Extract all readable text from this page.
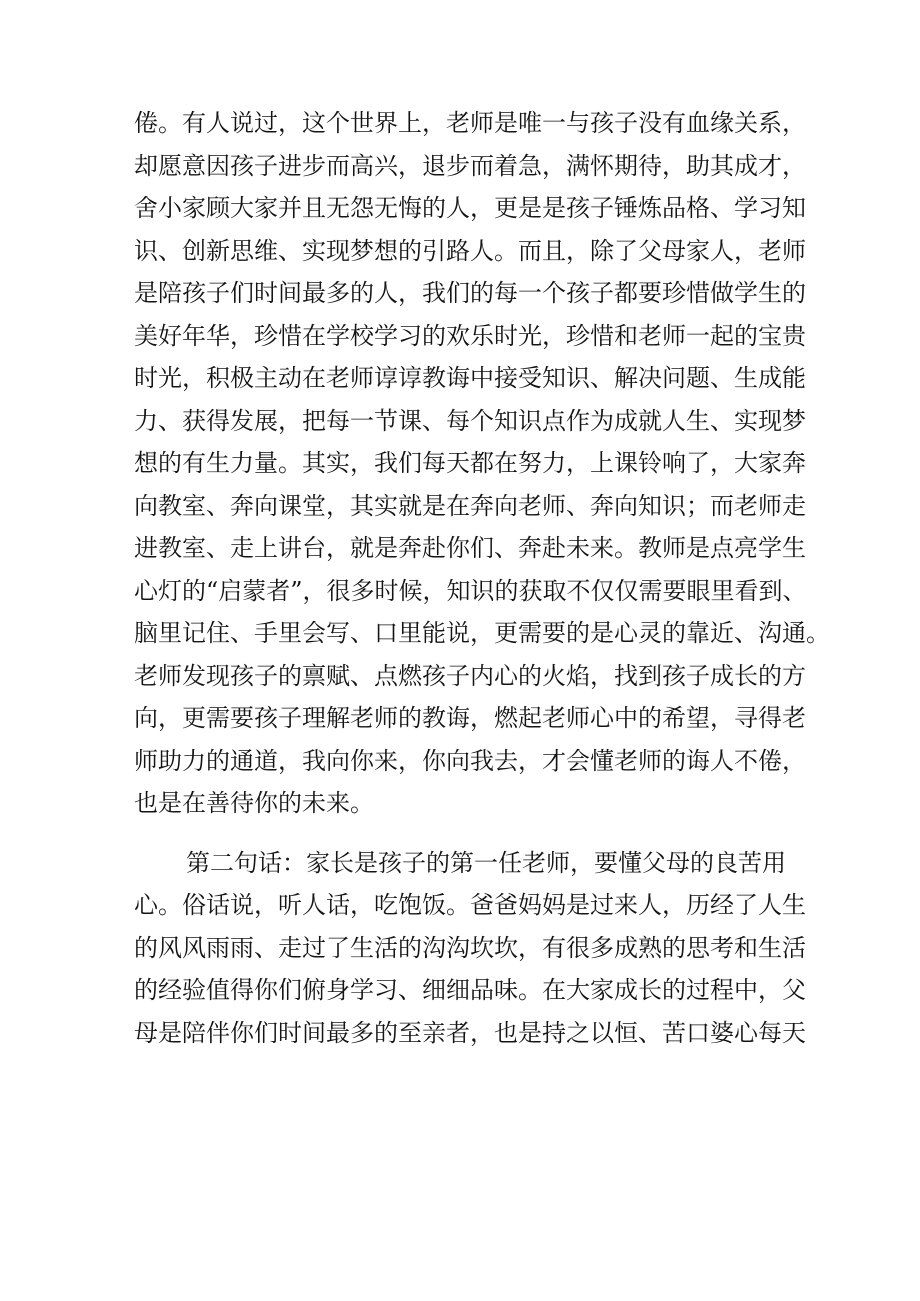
倦。有人说过，这个世界上，老师是唯一与孩子没有血缘关系，
却愿意因孩子进步而高兴，退步而着急，满怀期待，助其成才，
舍小家顾大家并且无怨无悔的人，更是是孩子锤炼品格、学习知
识、创新思维、实现梦想的引路人。而且，除了父母家人，老师
是陪孩子们时间最多的人，我们的每一个孩子都要珍惜做学生的
美好年华，珍惜在学校学习的欢乐时光，珍惜和老师一起的宝贵
时光，积极主动在老师谆谆教诲中接受知识、解决问题、生成能
力、获得发展，把每一节课、每个知识点作为成就人生、实现梦
想的有生力量。其实，我们每天都在努力，上课铃响了，大家奔
向教室、奔向课堂，其实就是在奔向老师、奔向知识；而老师走
进教室、走上讲台，就是奔赴你们、奔赴未来。教师是点亮学生
心灯的“启蒙者”，很多时候，知识的获取不仅仅需要眼里看到、
脑里记住、手里会写、口里能说，更需要的是心灵的靠近、沟通。
老师发现孩子的禀赋、点燃孩子内心的火焰，找到孩子成长的方
向，更需要孩子理解老师的教诲，燃起老师心中的希望，寻得老
师助力的通道，我向你来，你向我去，才会懂老师的诲人不倦，
也是在善待你的未来。
第二句话：家长是孩子的第一任老师，要懂父母的良苦用
心。俗话说，听人话，吃饱饭。爸爸妈妈是过来人，历经了人生
的风风雨雨、走过了生活的沟沟坎坎，有很多成熟的思考和生活
的经验值得你们俯身学习、细细品味。在大家成长的过程中，父
母是陪伴你们时间最多的至亲者，也是持之以恒、苦口婆心每天
